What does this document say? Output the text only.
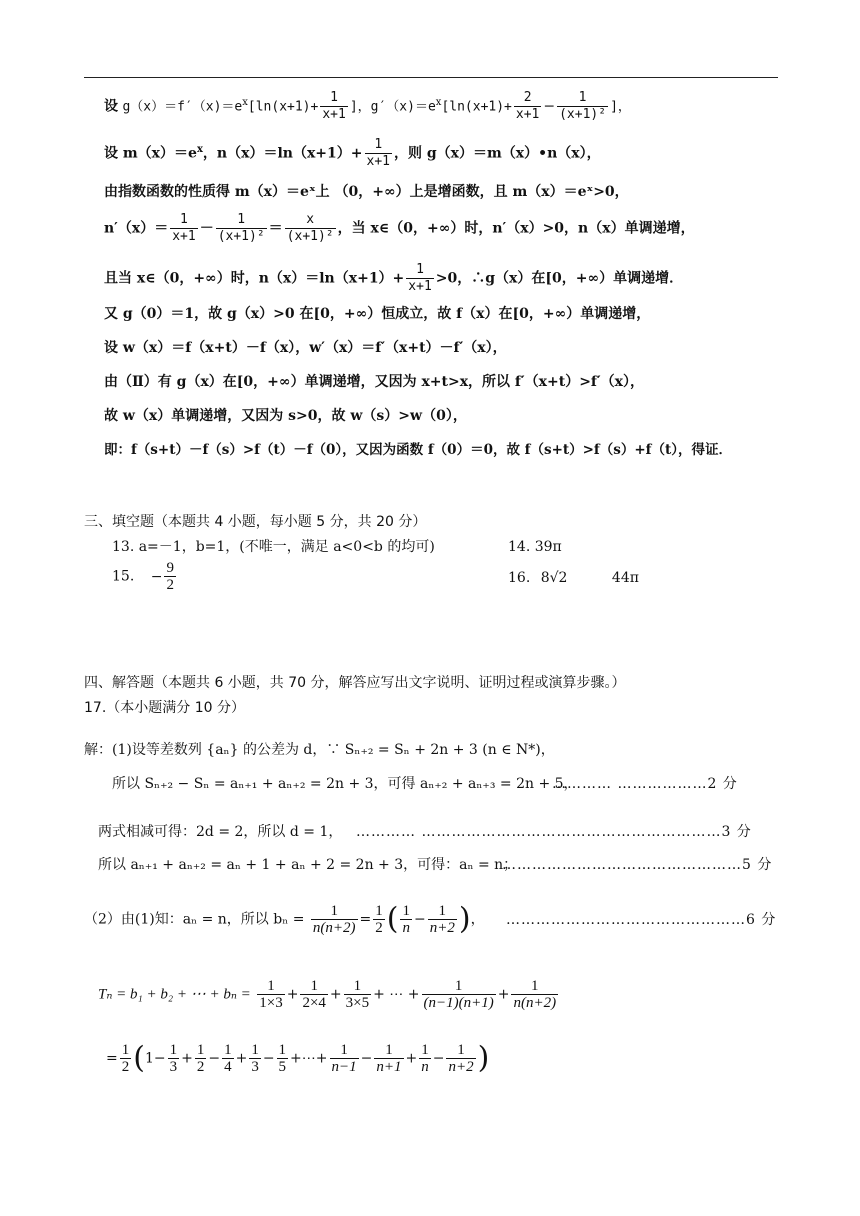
设 $g(x)=f'(x)=e^x[\ln(x+1)+ \frac{1}{x+1}$ ]，$g'(x)=e^x[\ln(x+1)+ \frac{2}{x+1} - \frac{1}{\text{(x+1)²}}$ ]，
设 $m(x)=e^x$，$n(x)=\ln(x+1)+ \frac{1}{x+1}$ ，则 g（x）＝m（x）•n（x），
由指数函数的性质得 m（x）＝eˣ上 （0，+∞）上是增函数，且 m（x）＝eˣ>0，
$n'(x)= \frac{1}{x+1} - \frac{1}{\text{(x+1)²}} = \frac{x}{\text{(x+1)²}}$ ，当 x∈（0，+∞）时，n′（x）>0，n（x）单调递增，
且当 x∈（0，+∞）时，$n(x)=\ln(x+1)+ \frac{1}{x+1} >0$，∴g（x）在[0，+∞）单调递增．
又 g（0）＝1，故 g（x）>0 在[0，+∞）恒成立，故 f（x）在[0，+∞）单调递增，
设 w（x）＝f（x+t）－f（x），w′（x）＝f′（x+t）－f′（x），
由（Ⅱ）有 g（x）在[0，+∞）单调递增，又因为 x+t>x，所以 f′（x+t）>f′（x），
故 w（x）单调递增，又因为 s>0，故 w（s）>w（0），
即：f（s+t）－f（s）>f（t）－f（0），又因为函数 f（0）＝0，故 f（s+t）>f（s）+f（t），得证．
三、填空题（本题共 4 小题，每小题 5 分，共 20 分）
13. a=－1，b=1，(不唯一，满足 a<0<b 的均可)	14. 39π
15. − $\frac{9}{2}$	16. 8√2	44π
四、解答题（本题共 6 小题，共 70 分，解答应写出文字说明、证明过程或演算步骤。）
17.（本小题满分 10 分）
解：(1)设等差数列 {aₙ} 的公差为 d，∵ Sₙ₊₂ = Sₙ + 2n + 3 (n ∈ N*)，
所以 Sₙ₊₂ − Sₙ = aₙ₊₁ + aₙ₊₂ = 2n + 3，可得 aₙ₊₂ + aₙ₊₃ = 2n + 5，
………… ………………2 分
两式相减可得：2d = 2，所以 d = 1， ………… ……………………………………………………3 分
所以 aₙ₊₁ + aₙ₊₂ = aₙ + 1 + aₙ + 2 = 2n + 3，可得：aₙ = n；
…………………………………………5 分
（2）由(1)知：aₙ = n，所以 $b_n = \frac{1}{n(n+2)} = \frac{1}{2}$ ( $\frac{1}{n} - \frac{1}{n+2}$ )， …………………………………………6 分
Tₙ = b₁ + b₂ + ⋯ + $b_n = \frac{1}{1\times 3} + \frac{1}{2\times 4} + \frac{1}{3\times 5}$ + ⋯ + $\frac{1}{(n-1)(n+1)} + \frac{1}{n(n+2)}$
= $\frac{1}{2} (1- \frac{1}{3} + \frac{1}{2} - \frac{1}{4} + \frac{1}{3} - \frac{1}{5}$ +⋯+ $\frac{1}{n-1} - \frac{1}{n+1} + \frac{1}{n} - \frac{1}{n+2}$ )
